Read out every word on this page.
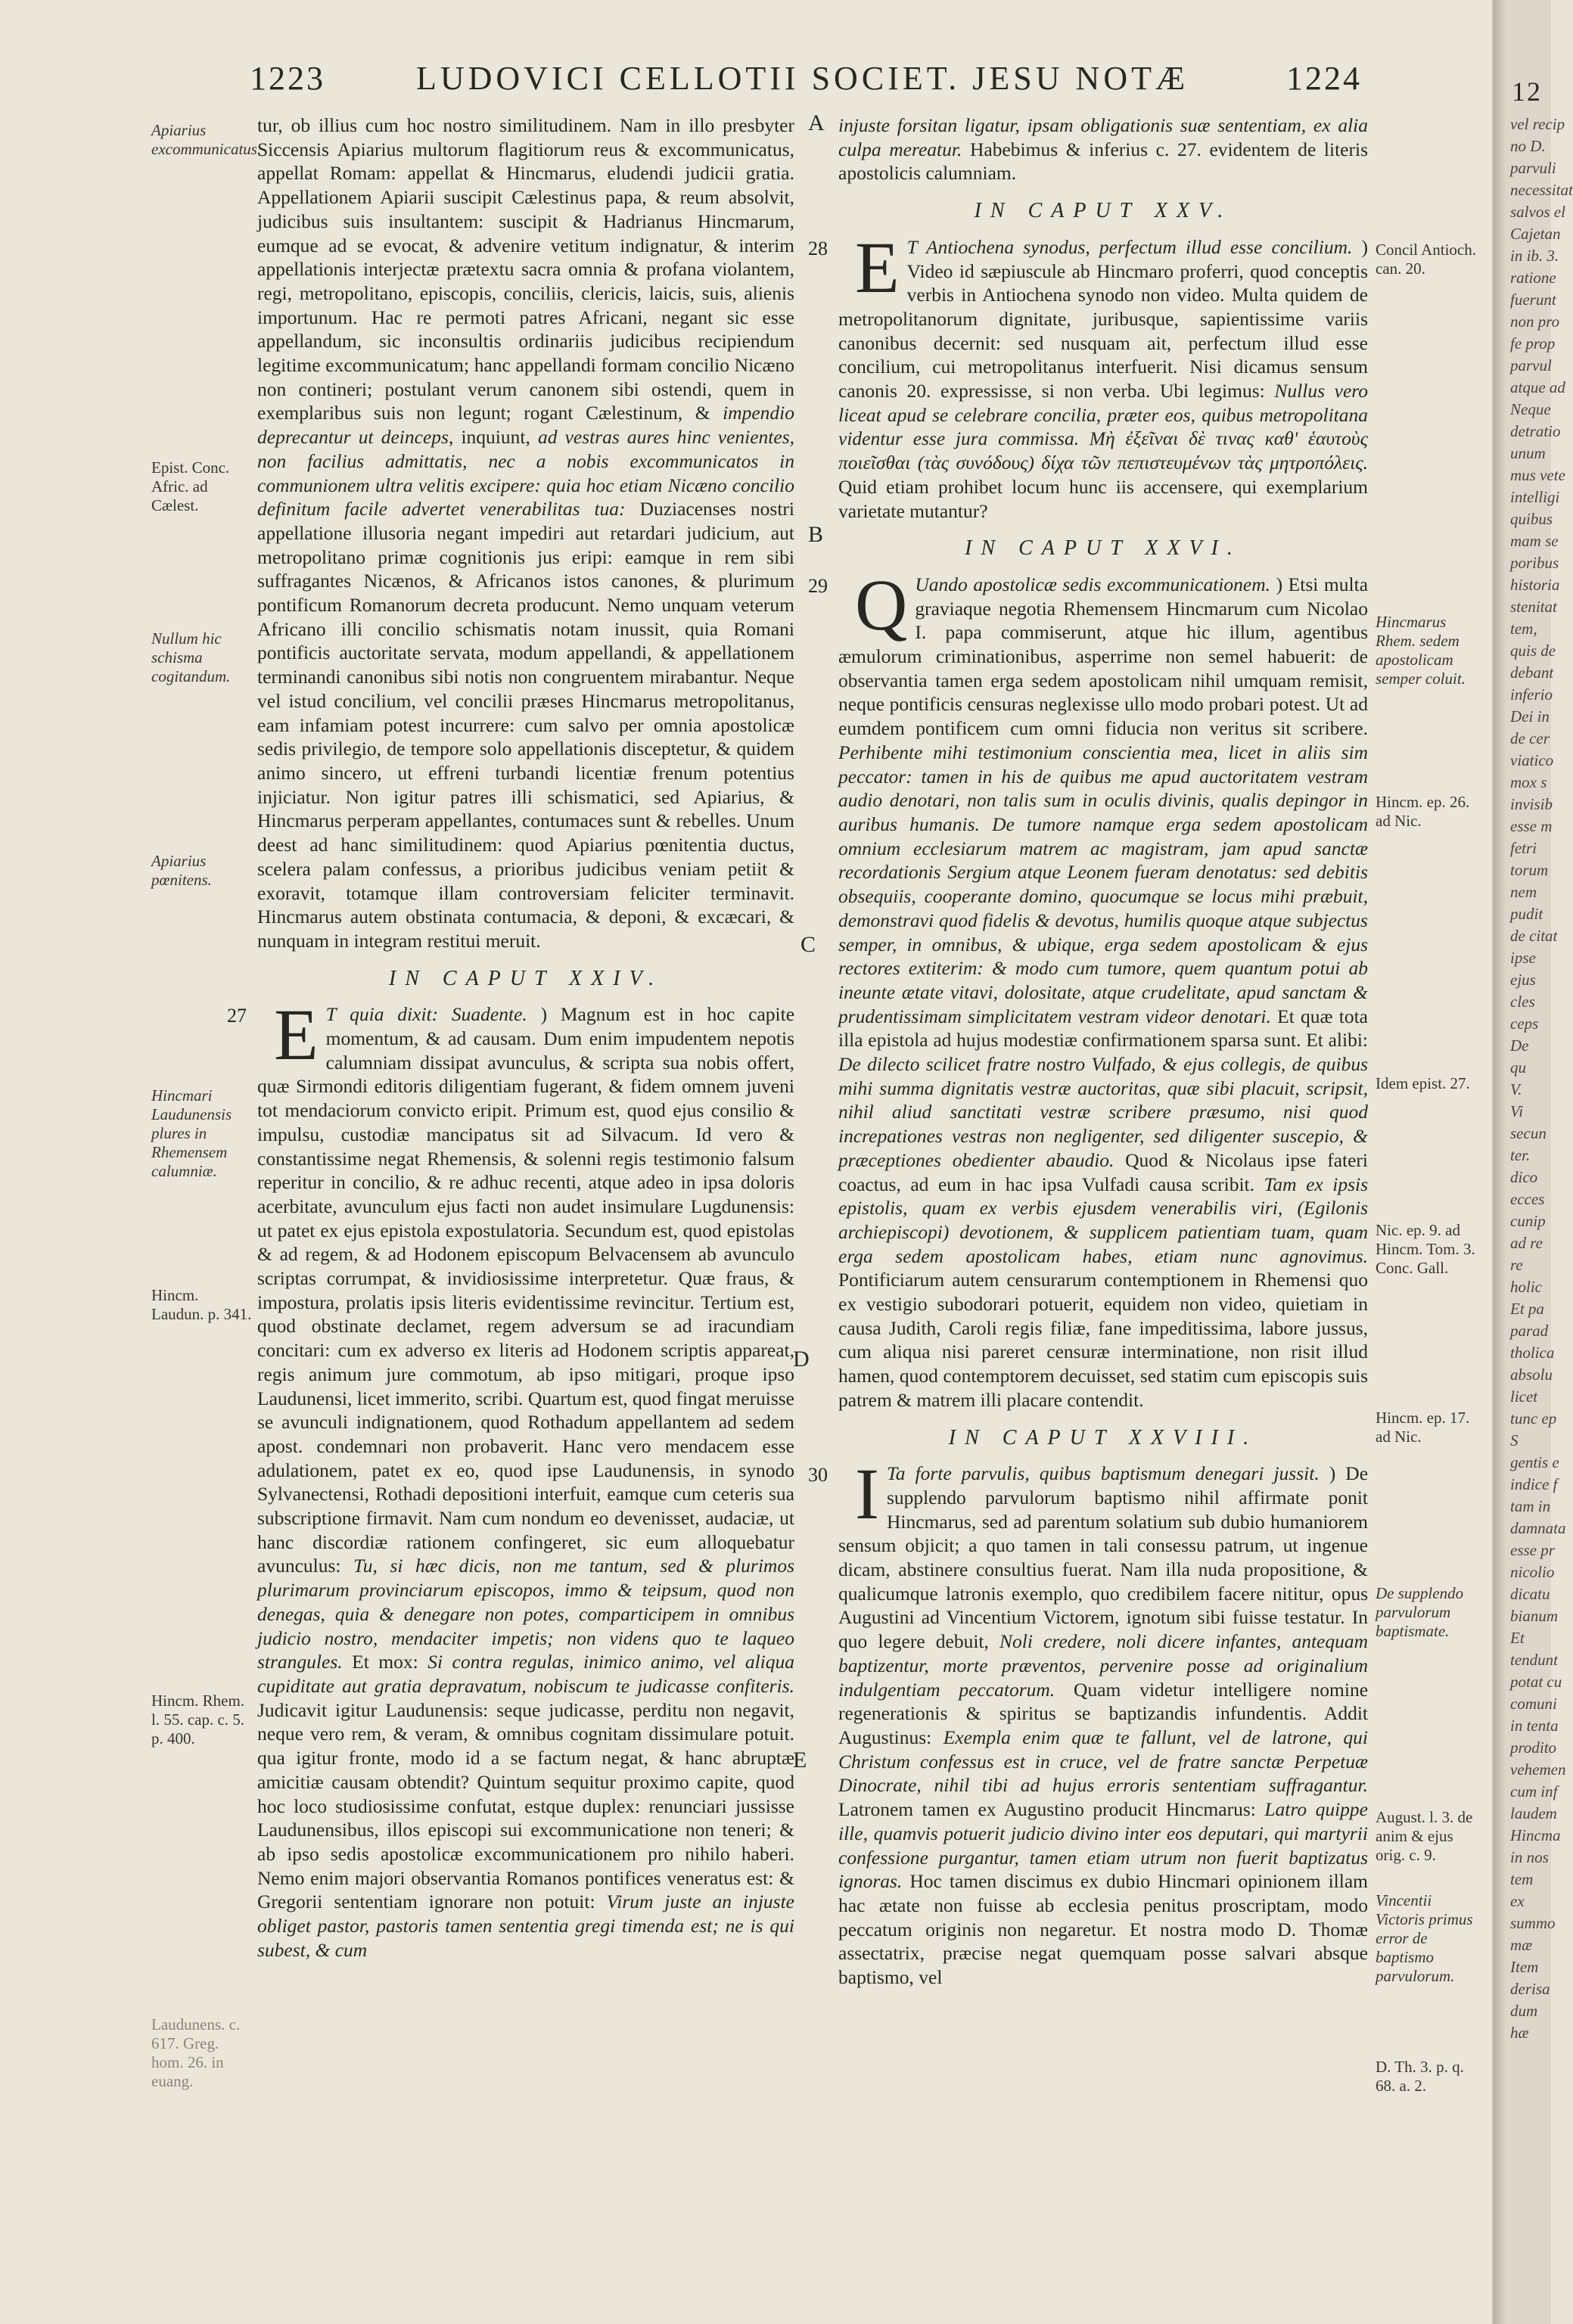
1223	LUDOVICI CELLOTII SOCIET. JESU NOTÆ	1224
A
B
C
D
E
Apiarius excommunicatus.
Epist. Conc. Afric. ad Cælest.
Nullum hic schisma cogitandum.
Apiarius pœnitens.
Hincmari Laudunensis plures in Rhemensem calumniæ.
Hincm. Laudun. p. 341.
Hincm. Rhem. l. 55. cap. c. 5. p. 400.
Laudunens. c. 617. Greg. hom. 26. in euang.
Concil Antioch. can. 20.
Hincmarus Rhem. sedem apostolicam semper coluit.
Hincm. ep. 26. ad Nic.
Idem epist. 27.
Nic. ep. 9. ad Hincm. Tom. 3. Conc. Gall.
Hincm. ep. 17. ad Nic.
De supplendo parvulorum baptismate.
August. l. 3. de anim & ejus orig. c. 9.
Vincentii Victoris primus error de baptismo parvulorum.
D. Th. 3. p. q. 68. a. 2.

tur, ob illius cum hoc nostro similitudinem. Nam in illo presbyter Siccensis Apiarius multorum flagitiorum reus & excommunicatus, appellat Romam: appellat & Hincmarus, eludendi judicii gratia. Appellationem Apiarii suscipit Cælestinus papa, & reum absolvit, judicibus suis insultantem: suscipit & Hadrianus Hincmarum, eumque ad se evocat, & advenire vetitum indignatur, & interim appellationis interjectæ prætextu sacra omnia & profana violantem, regi, metropolitano, episcopis, conciliis, clericis, laicis, suis, alienis importunum. Hac re permoti patres Africani, negant sic esse appellandum, sic inconsultis ordinariis judicibus recipiendum legitime excommunicatum; hanc appellandi formam concilio Nicæno non contineri; postulant verum canonem sibi ostendi, quem in exemplaribus suis non legunt; rogant Cælestinum, & impendio deprecantur ut deinceps, inquiunt, ad vestras aures hinc venientes, non facilius admittatis, nec a nobis excommunicatos in communionem ultra velitis excipere: quia hoc etiam Nicæno concilio definitum facile advertet venerabilitas tua: Duziacenses nostri appellatione illusoria negant impediri aut retardari judicium, aut metropolitano primæ cognitionis jus eripi: eamque in rem sibi suffragantes Nicænos, & Africanos istos canones, & plurimum pontificum Romanorum decreta producunt. Nemo unquam veterum Africano illi concilio schismatis notam inussit, quia Romani pontificis auctoritate servata, modum appellandi, & appellationem terminandi canonibus sibi notis non congruentem mirabantur. Neque vel istud concilium, vel concilii præses Hincmarus metropolitanus, eam infamiam potest incurrere: cum salvo per omnia apostolicæ sedis privilegio, de tempore solo appellationis disceptetur, & quidem animo sincero, ut effreni turbandi licentiæ frenum potentius injiciatur. Non igitur patres illi schismatici, sed Apiarius, & Hincmarus perperam appellantes, contumaces sunt & rebelles. Unum deest ad hanc similitudinem: quod Apiarius pœnitentia ductus, scelera palam confessus, a prioribus judicibus veniam petiit & exoravit, totamque illam controversiam feliciter terminavit. Hincmarus autem obstinata contumacia, & deponi, & excæcari, & nunquam in integram restitui meruit.

IN CAPUT XXIV.
27 E T quia dixit: Suadente. ) Magnum est in hoc capite momentum, & ad causam. Dum enim impudentem nepotis calumniam dissipat avunculus, & scripta sua nobis offert, quæ Sirmondi editoris diligentiam fugerant, & fidem omnem juveni tot mendaciorum convicto eripit. Primum est, quod ejus consilio & impulsu, custodiæ mancipatus sit ad Silvacum. Id vero & constantissime negat Rhemensis, & solenni regis testimonio falsum reperitur in concilio, & re adhuc recenti, atque adeo in ipsa doloris acerbitate, avunculum ejus facti non audet insimulare Lugdunensis: ut patet ex ejus epistola expostulatoria. Secundum est, quod epistolas & ad regem, & ad Hodonem episcopum Belvacensem ab avunculo scriptas corrumpat, & invidiosissime interpretetur. Quæ fraus, & impostura, prolatis ipsis literis evidentissime revincitur. Tertium est, quod obstinate declamet, regem adversum se ad iracundiam concitari: cum ex adverso ex literis ad Hodonem scriptis appareat, regis animum jure commotum, ab ipso mitigari, proque ipso Laudunensi, licet immerito, scribi. Quartum est, quod fingat meruisse se avunculi indignationem, quod Rothadum appellantem ad sedem apost. condemnari non probaverit. Hanc vero mendacem esse adulationem, patet ex eo, quod ipse Laudunensis, in synodo Sylvanectensi, Rothadi depositioni interfuit, eamque cum ceteris sua subscriptione firmavit. Nam cum nondum eo devenisset, audaciæ, ut hanc discordiæ rationem confingeret, sic eum alloquebatur avunculus: Tu, si hæc dicis, non me tantum, sed & plurimos plurimarum provinciarum episcopos, immo & teipsum, quod non denegas, quia & denegare non potes, comparticipem in omnibus judicio nostro, mendaciter impetis; non videns quo te laqueo strangules. Et mox: Si contra regulas, inimico animo, vel aliqua cupiditate aut gratia depravatum, nobiscum te judicasse confiteris. Judicavit igitur Laudunensis: seque judicasse, perditu non negavit, neque vero rem, & veram, & omnibus cognitam dissimulare potuit. qua igitur fronte, modo id a se factum negat, & hanc abruptæ amicitiæ causam obtendit? Quintum sequitur proximo capite, quod hoc loco studiosissime confutat, estque duplex: renunciari jussisse Laudunensibus, illos episcopi sui excommunicatione non teneri; & ab ipso sedis apostolicæ excommunicationem pro nihilo haberi. Nemo enim majori observantia Romanos pontifices veneratus est: & Gregorii sententiam ignorare non potuit: Virum juste an injuste obliget pastor, pastoris tamen sententia gregi timenda est; ne is qui subest, & cum

injuste forsitan ligatur, ipsam obligationis suæ sententiam, ex alia culpa mereatur. Habebimus & inferius c. 27. evidentem de literis apostolicis calumniam.

IN CAPUT XXV.
28 E T Antiochena synodus, perfectum illud esse concilium. ) Video id sæpiuscule ab Hincmaro proferri, quod conceptis verbis in Antiochena synodo non video. Multa quidem de metropolitanorum dignitate, juribusque, sapientissime variis canonibus decernit: sed nusquam ait, perfectum illud esse concilium, cui metropolitanus interfuerit. Nisi dicamus sensum canonis 20. expressisse, si non verba. Ubi legimus: Nullus vero liceat apud se celebrare concilia, præter eos, quibus metropolitana videntur esse jura commissa. Μὴ ἐξεῖναι δὲ τινας καθ' ἑαυτοὺς ποιεῖσθαι (τὰς συνόδους) δίχα τῶν πεπιστευμένων τὰς μητροπόλεις. Quid etiam prohibet locum hunc iis accensere, qui exemplarium varietate mutantur?
IN CAPUT XXVI.
29 Q Uando apostolicæ sedis excommunicationem. ) Etsi multa graviaque negotia Rhemensem Hincmarum cum Nicolao I. papa commiserunt, atque hic illum, agentibus æmulorum criminationibus, asperrime non semel habuerit: de observantia tamen erga sedem apostolicam nihil umquam remisit, neque pontificis censuras neglexisse ullo modo probari potest. Ut ad eumdem pontificem cum omni fiducia non veritus sit scribere. Perhibente mihi testimonium conscientia mea, licet in aliis sim peccator: tamen in his de quibus me apud auctoritatem vestram audio denotari, non talis sum in oculis divinis, qualis depingor in auribus humanis. De tumore namque erga sedem apostolicam omnium ecclesiarum matrem ac magistram, jam apud sanctæ recordationis Sergium atque Leonem fueram denotatus: sed debitis obsequiis, cooperante domino, quocumque se locus mihi præbuit, demonstravi quod fidelis & devotus, humilis quoque atque subjectus semper, in omnibus, & ubique, erga sedem apostolicam & ejus rectores extiterim: & modo cum tumore, quem quantum potui ab ineunte ætate vitavi, dolositate, atque crudelitate, apud sanctam & prudentissimam simplicitatem vestram videor denotari. Et quæ tota illa epistola ad hujus modestiæ confirmationem sparsa sunt. Et alibi: De dilecto scilicet fratre nostro Vulfado, & ejus collegis, de quibus mihi summa dignitatis vestræ auctoritas, quæ sibi placuit, scripsit, nihil aliud sanctitati vestræ scribere præsumo, nisi quod increpationes vestras non negligenter, sed diligenter suscepio, & præceptiones obedienter abaudio. Quod & Nicolaus ipse fateri coactus, ad eum in hac ipsa Vulfadi causa scribit. Tam ex ipsis epistolis, quam ex verbis ejusdem venerabilis viri, (Egilonis archiepiscopi) devotionem, & supplicem patientiam tuam, quam erga sedem apostolicam habes, etiam nunc agnovimus. Pontificiarum autem censurarum contemptionem in Rhemensi quo ex vestigio subodorari potuerit, equidem non video, quietiam in causa Judith, Caroli regis filiæ, fane impeditissima, labore jussus, cum aliqua nisi pareret censuræ interminatione, non risit illud hamen, quod contemptorem decuisset, sed statim cum episcopis suis patrem & matrem illi placare contendit.
IN CAPUT XXVIII.
30 I Ta forte parvulis, quibus baptismum denegari jussit. ) De supplendo parvulorum baptismo nihil affirmate ponit Hincmarus, sed ad parentum solatium sub dubio humaniorem sensum objicit; a quo tamen in tali consessu patrum, ut ingenue dicam, abstinere consultius fuerat. Nam illa nuda propositione, & qualicumque latronis exemplo, quo credibilem facere nititur, opus Augustini ad Vincentium Victorem, ignotum sibi fuisse testatur. In quo legere debuit, Noli credere, noli dicere infantes, antequam baptizentur, morte præventos, pervenire posse ad originalium indulgentiam peccatorum. Quam videtur intelligere nomine regenerationis & spiritus se baptizandis infundentis. Addit Augustinus: Exempla enim quæ te fallunt, vel de latrone, qui Christum confessus est in cruce, vel de fratre sanctæ Perpetuæ Dinocrate, nihil tibi ad hujus erroris sententiam suffragantur. Latronem tamen ex Augustino producit Hincmarus: Latro quippe ille, quamvis potuerit judicio divino inter eos deputari, qui martyrii confessione purgantur, tamen etiam utrum non fuerit baptizatus ignoras. Hoc tamen discimus ex dubio Hincmari opinionem illam hac ætate non fuisse ab ecclesia penitus proscriptam, modo peccatum originis non negaretur. Et nostra modo D. Thomæ assectatrix, præcise negat quemquam posse salvari absque baptismo, vel
12
vel recip
no D.
parvuli
necessitat
salvos el
Cajetan
in ib. 3.
ratione
fuerunt
non pro
fe prop
parvul
atque ad
Neque
detratio
unum
mus vete
intelligi
quibus
mam se
poribus
historia
stenitat
tem,
quis de
debant
inferio
Dei in
de cer
viatico
mox s
invisib
esse m
fetri
torum
nem
pudit
de citat
ipse
ejus
cles
ceps
De
qu
V.
Vi
secun
ter.
dico
ecces
cunip
ad re
re
holic
Et pa
parad
tholica
absolu
licet
tunc ep
S
gentis e
indice f
tam in
damnata
esse pr
nicolio
dicatu
bianum
Et
tendunt
potat cu
comuni
in tenta
prodito
vehemen
cum inf
laudem
Hincma
in nos
tem
ex
summo
mæ
Item
derisa
dum
hæ
